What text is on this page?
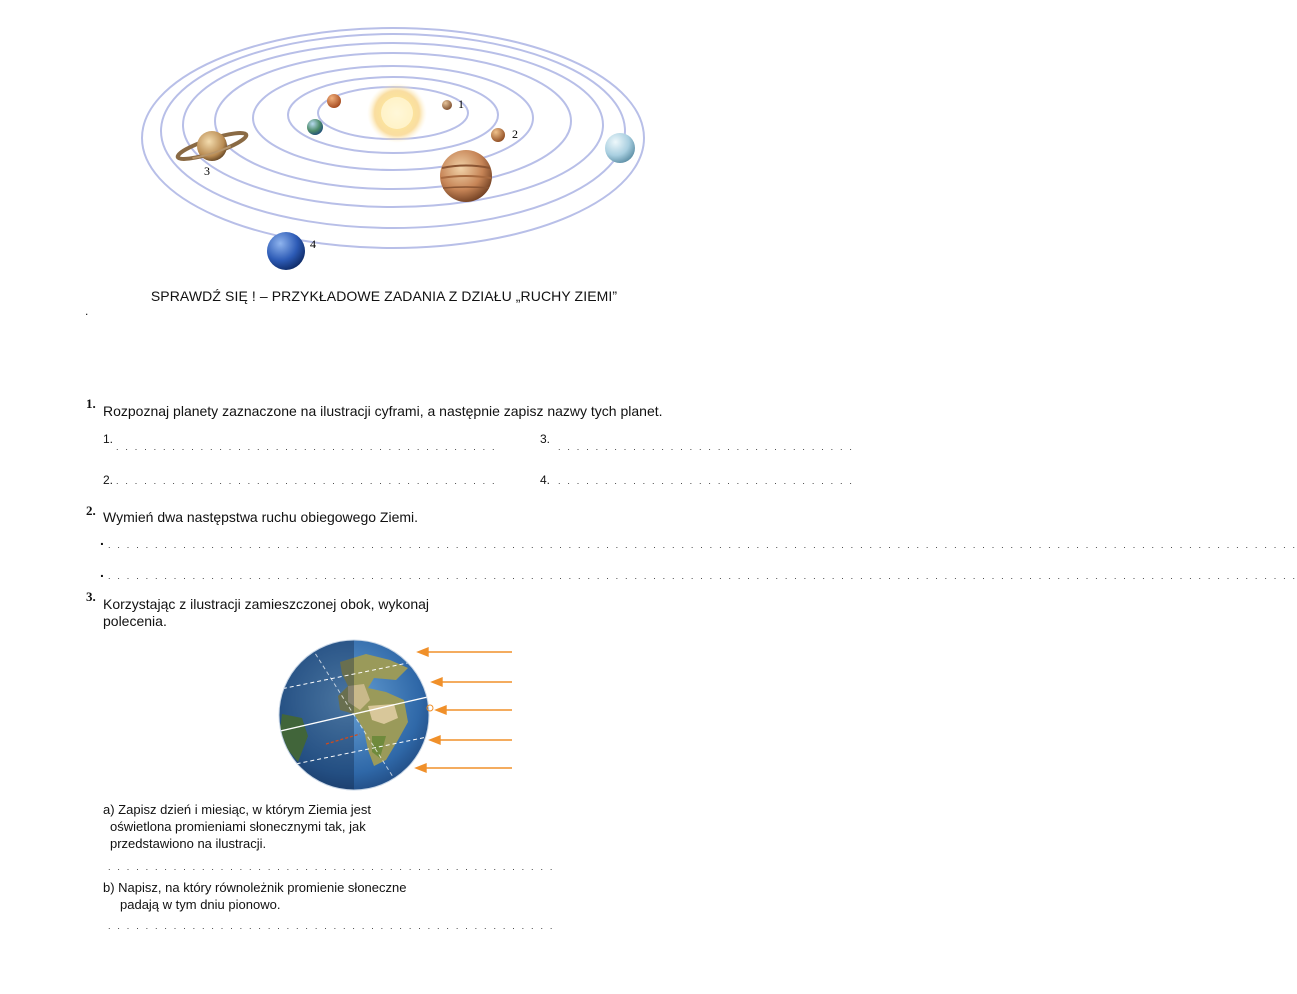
1
2
3
4
SPRAWDŹ SIĘ ! – PRZYKŁADOWE ZADANIA Z DZIAŁU „RUCHY ZIEMI”
.
1. Rozpoznaj planety zaznaczone na ilustracji cyframi, a następnie zapisz nazwy tych planet.
1.
. . . . . . . . . . . . . . . . . . . . . . . . . . . . . . . . . . . . . . . . .
3.
. . . . . . . . . . . . . . . . . . . . . . . . . . . . . . . .
2. . . . . . . . . . . . . . . . . . . . . . . . . . . . . . . . . . . . . . . . . .	4. . . . . . . . . . . . . . . . . . . . . . . . . . . . . . . . .
2. Wymień dwa następstwa ruchu obiegowego Ziemi.
. . . . . . . . . . . . . . . . . . . . . . . . . . . . . . . . . . . . . . . . . . . . . . . . . . . . . . . . . . . . . . . . . . . . . . . . . . . . . . . . . . . . . . . . . . . . . . . . . . . . . . . . . . . . . . . . . . . . . . . . . . . . . . . .
. . . . . . . . . . . . . . . . . . . . . . . . . . . . . . . . . . . . . . . . . . . . . . . . . . . . . . . . . . . . . . . . . . . . . . . . . . . . . . . . . . . . . . . . . . . . . . . . . . . . . . . . . . . . . . . . . . . . . . . . . . . . . . . .
3. Korzystając z ilustracji zamieszczonej obok, wykonaj
polecenia.
a) Zapisz dzień i miesiąc, w którym Ziemia jest
oświetlona promieniami słonecznymi tak, jak
przedstawiono na ilustracji.
. . . . . . . . . . . . . . . . . . . . . . . . . . . . . . . . . . . . . . . . . . . . . . . .
b) Napisz, na który równoleżnik promienie słoneczne
padają w tym dniu pionowo.
. . . . . . . . . . . . . . . . . . . . . . . . . . . . . . . . . . . . . . . . . . . . . . . .
